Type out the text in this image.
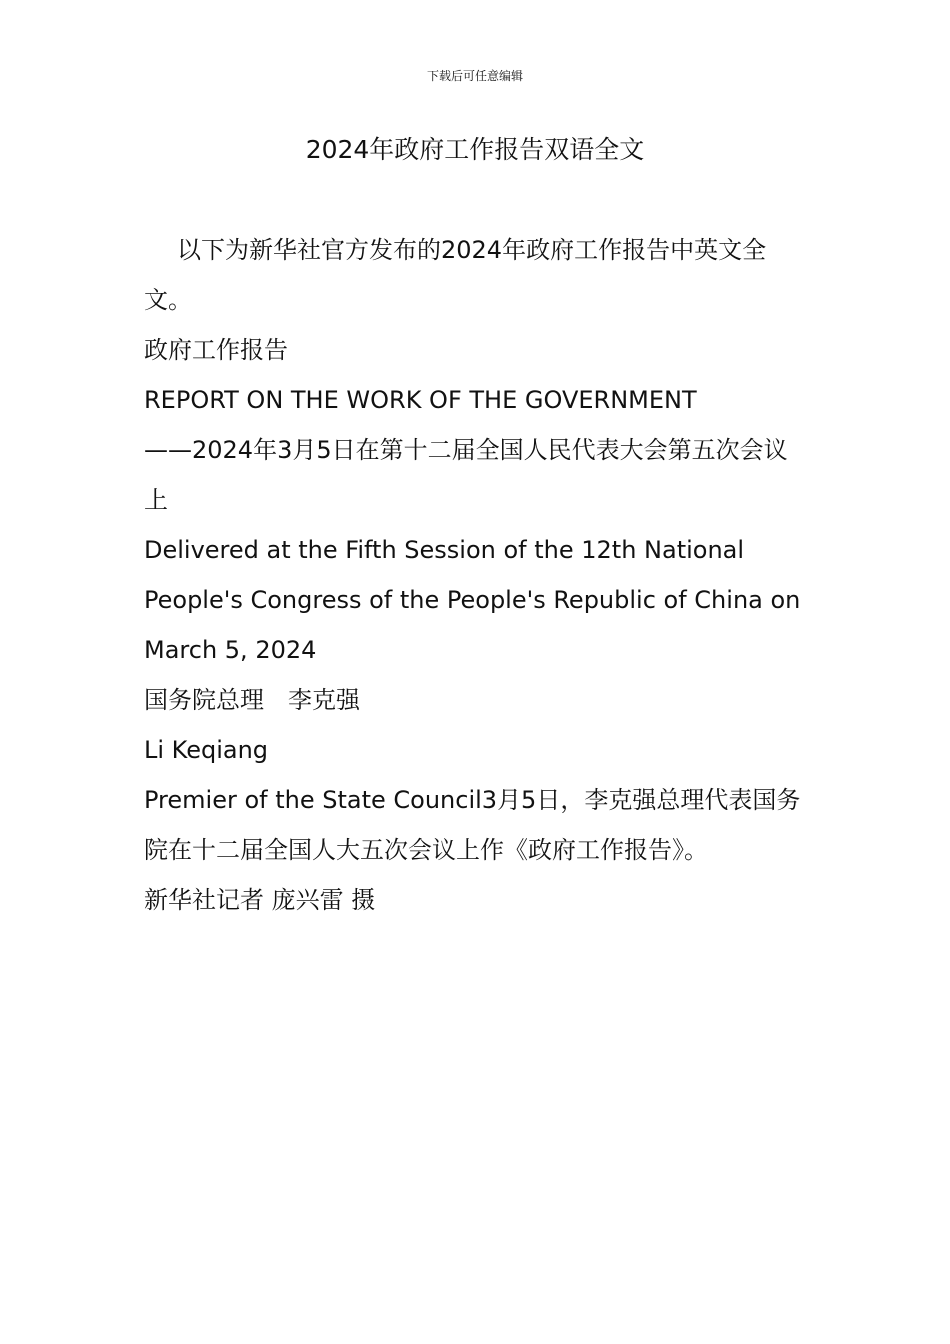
下载后可任意编辑
2024年政府工作报告双语全文

以下为新华社官方发布的2024年政府工作报告中英文全文。

政府工作报告

REPORT ON THE WORK OF THE GOVERNMENT

——2024年3月5日在第十二届全国人民代表大会第五次会议上

Delivered at the Fifth Session of the 12th National People's Congress of the People's Republic of China on March 5, 2024

国务院总理　李克强

Li Keqiang

Premier of the State Council3月5日，李克强总理代表国务院在十二届全国人大五次会议上作《政府工作报告》。

新华社记者 庞兴雷 摄
